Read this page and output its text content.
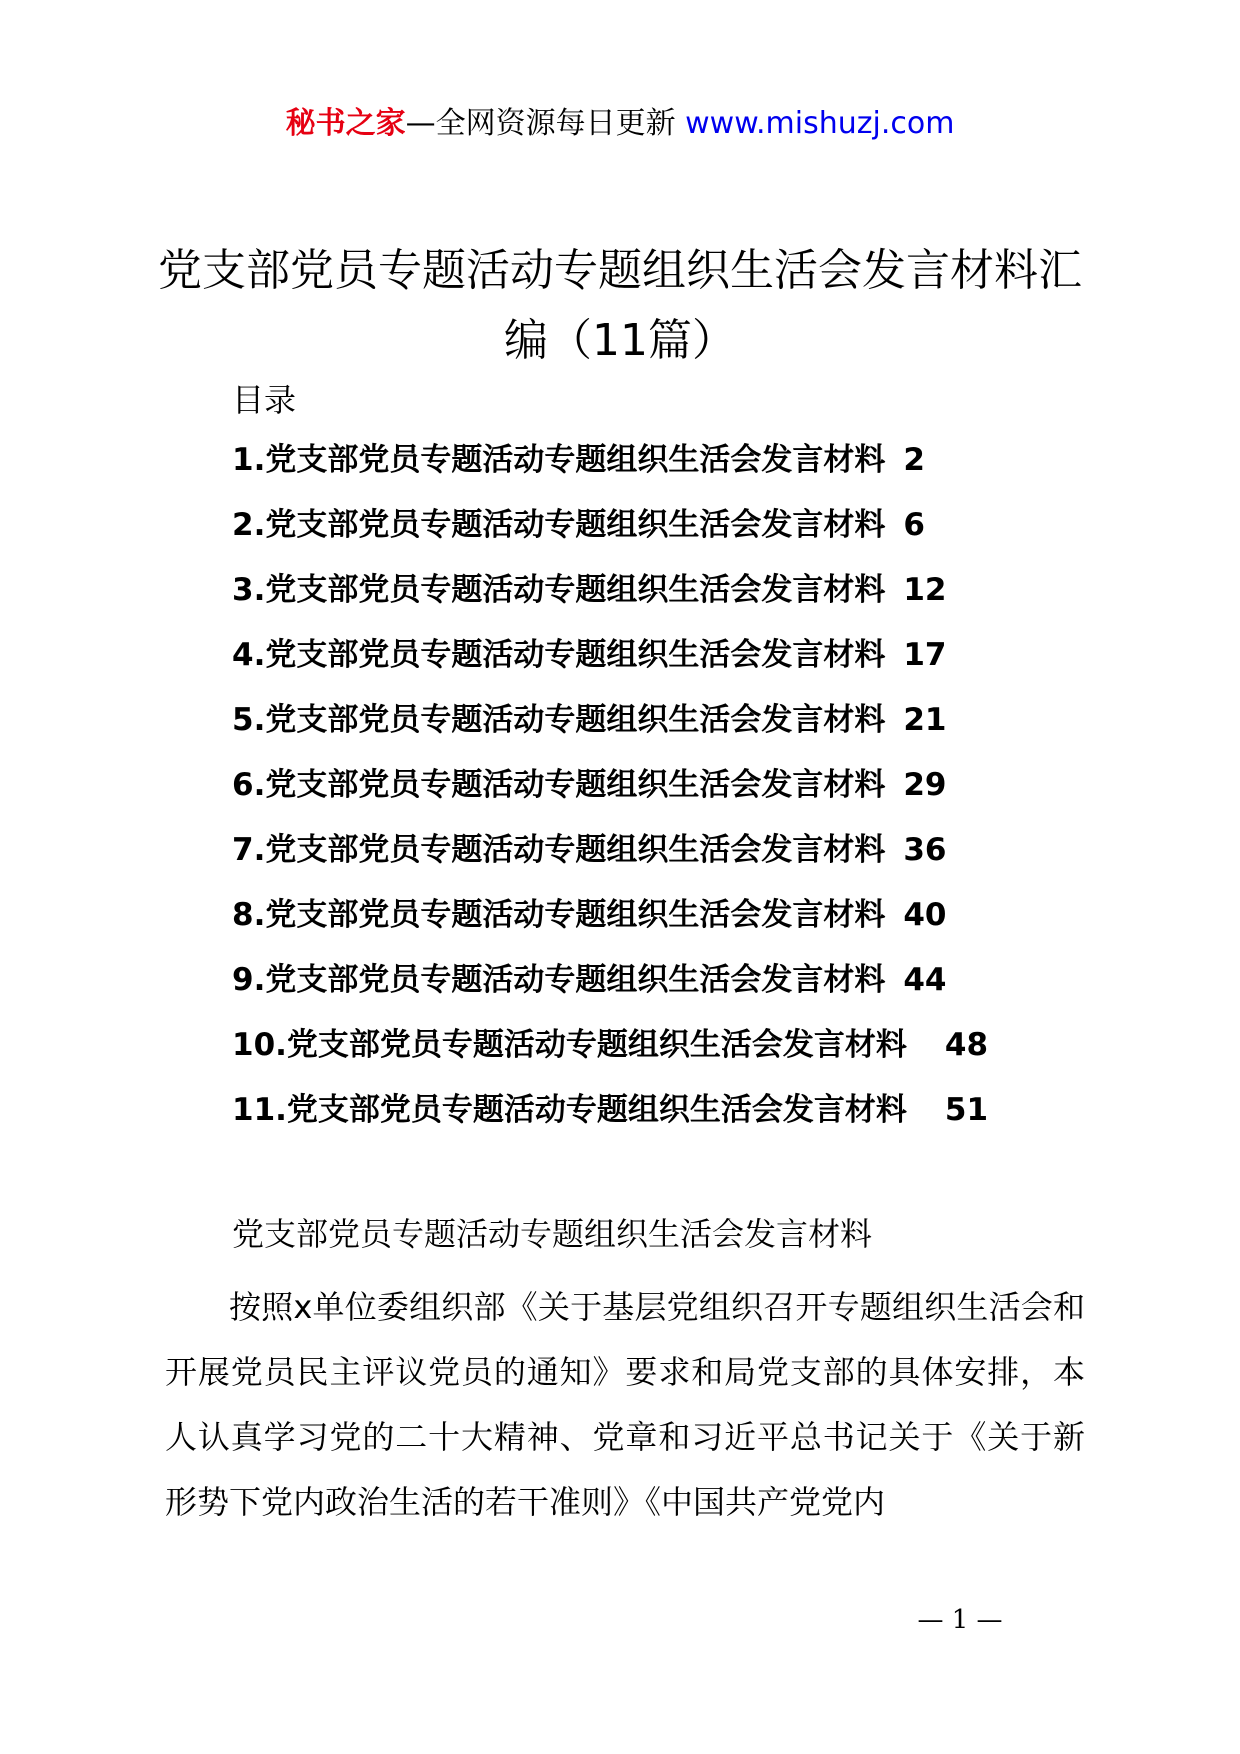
秘书之家—全网资源每日更新 www.mishuzj.com
党支部党员专题活动专题组织生活会发言材料汇编（11篇）
目录
1.党支部党员专题活动专题组织生活会发言材料 2
2.党支部党员专题活动专题组织生活会发言材料 6
3.党支部党员专题活动专题组织生活会发言材料 12
4.党支部党员专题活动专题组织生活会发言材料 17
5.党支部党员专题活动专题组织生活会发言材料 21
6.党支部党员专题活动专题组织生活会发言材料 29
7.党支部党员专题活动专题组织生活会发言材料 36
8.党支部党员专题活动专题组织生活会发言材料 40
9.党支部党员专题活动专题组织生活会发言材料 44
10.党支部党员专题活动专题组织生活会发言材料 48
11.党支部党员专题活动专题组织生活会发言材料 51
党支部党员专题活动专题组织生活会发言材料

按照x单位委组织部《关于基层党组织召开专题组织生活会和开展党员民主评议党员的通知》要求和局党支部的具体安排，本人认真学习党的二十大精神、党章和习近平总书记关于《关于新形势下党内政治生活的若干准则》《中国共产党党内

— 1 —
